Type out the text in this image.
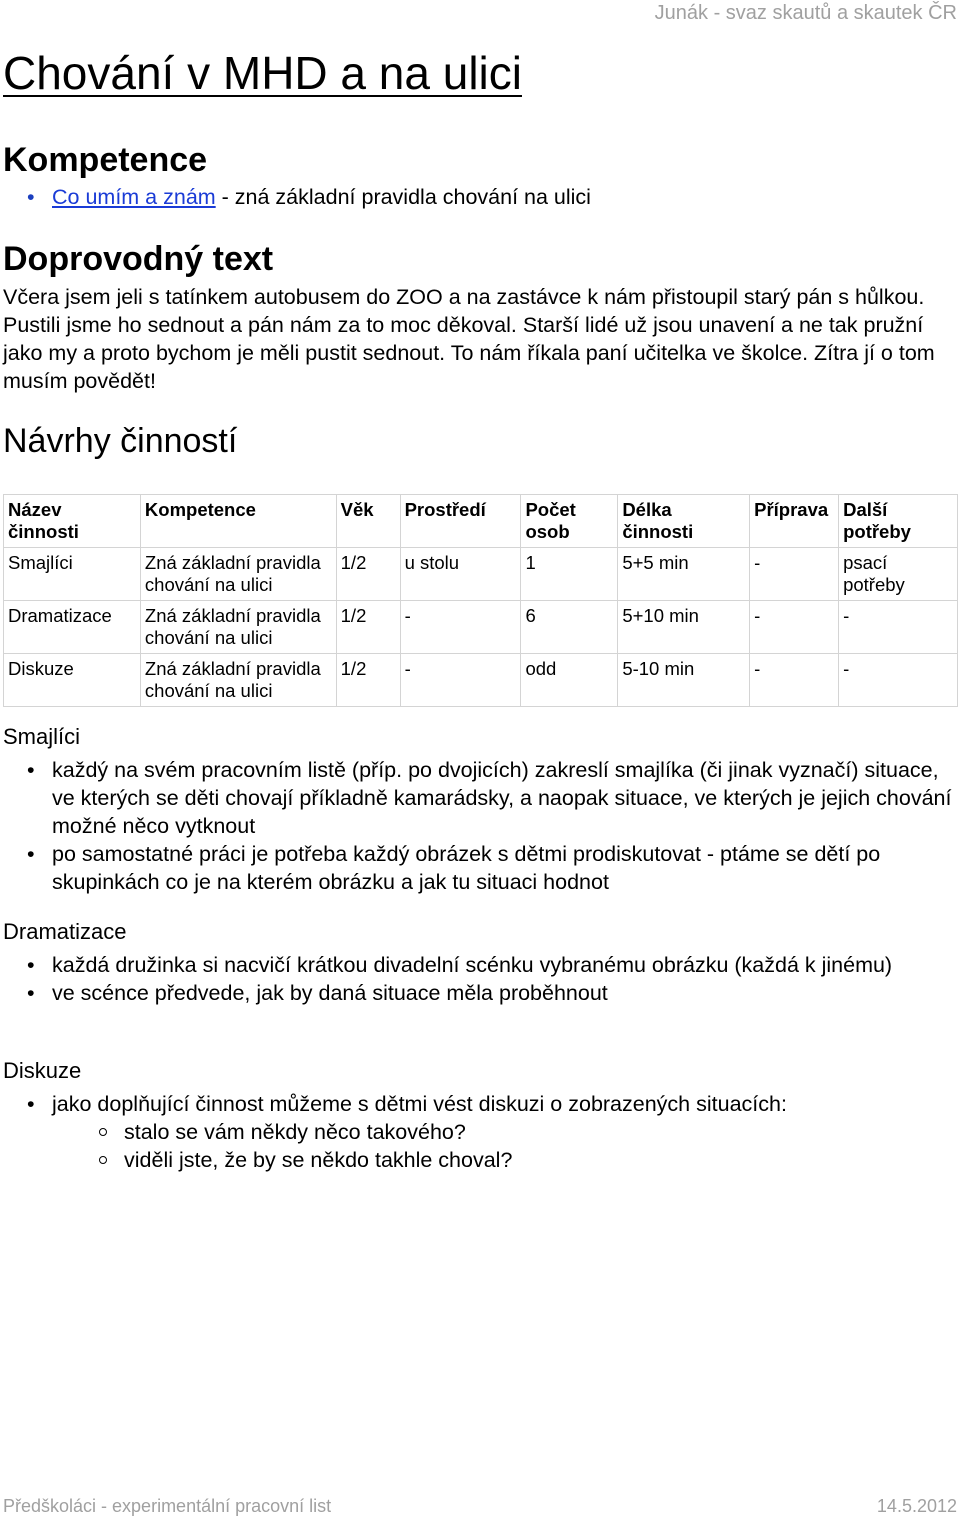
Junák - svaz skautů a skautek ČR
Chování v MHD a na ulici
Kompetence
• Co umím a znám - zná základní pravidla chování na ulici
Doprovodný text

Včera jsem jeli s tatínkem autobusem do ZOO a na zastávce k nám přistoupil starý pán s hůlkou. Pustili jsme ho sednout a pán nám za to moc děkoval. Starší lidé už jsou unavení a ne tak pružní jako my a proto bychom je měli pustit sednout. To nám říkala paní učitelka ve školce. Zítra jí o tom musím povědět!

Návrhy činností
Název činnosti	Kompetence	Věk	Prostředí	Počet osob	Délka činnosti	Příprava	Další potřeby
Smajlíci	Zná základní pravidla chování na ulici	1/2	u stolu	1	5+5 min	-	psací potřeby
Dramatizace	Zná základní pravidla chování na ulici	1/2	-	6	5+10 min	-	-
Diskuze	Zná základní pravidla chování na ulici	1/2	-	odd	5-10 min	-	-
Smajlíci
• každý na svém pracovním listě (příp. po dvojicích) zakreslí smajlíka (či jinak vyznačí) situace, ve kterých se děti chovají příkladně kamarádsky, a naopak situace, ve kterých je jejich chování možné něco vytknout
• po samostatné práci je potřeba každý obrázek s dětmi prodiskutovat - ptáme se dětí po skupinkách co je na kterém obrázku a jak tu situaci hodnot
Dramatizace
• každá družinka si nacvičí krátkou divadelní scénku vybranému obrázku (každá k jinému)
• ve scénce předvede, jak by daná situace měla proběhnout
Diskuze
• jako doplňující činnost můžeme s dětmi vést diskuzi o zobrazených situacích:
stalo se vám někdy něco takového?
viděli jste, že by se někdo takhle choval?
Předškoláci - experimentální pracovní list	14.5.2012
